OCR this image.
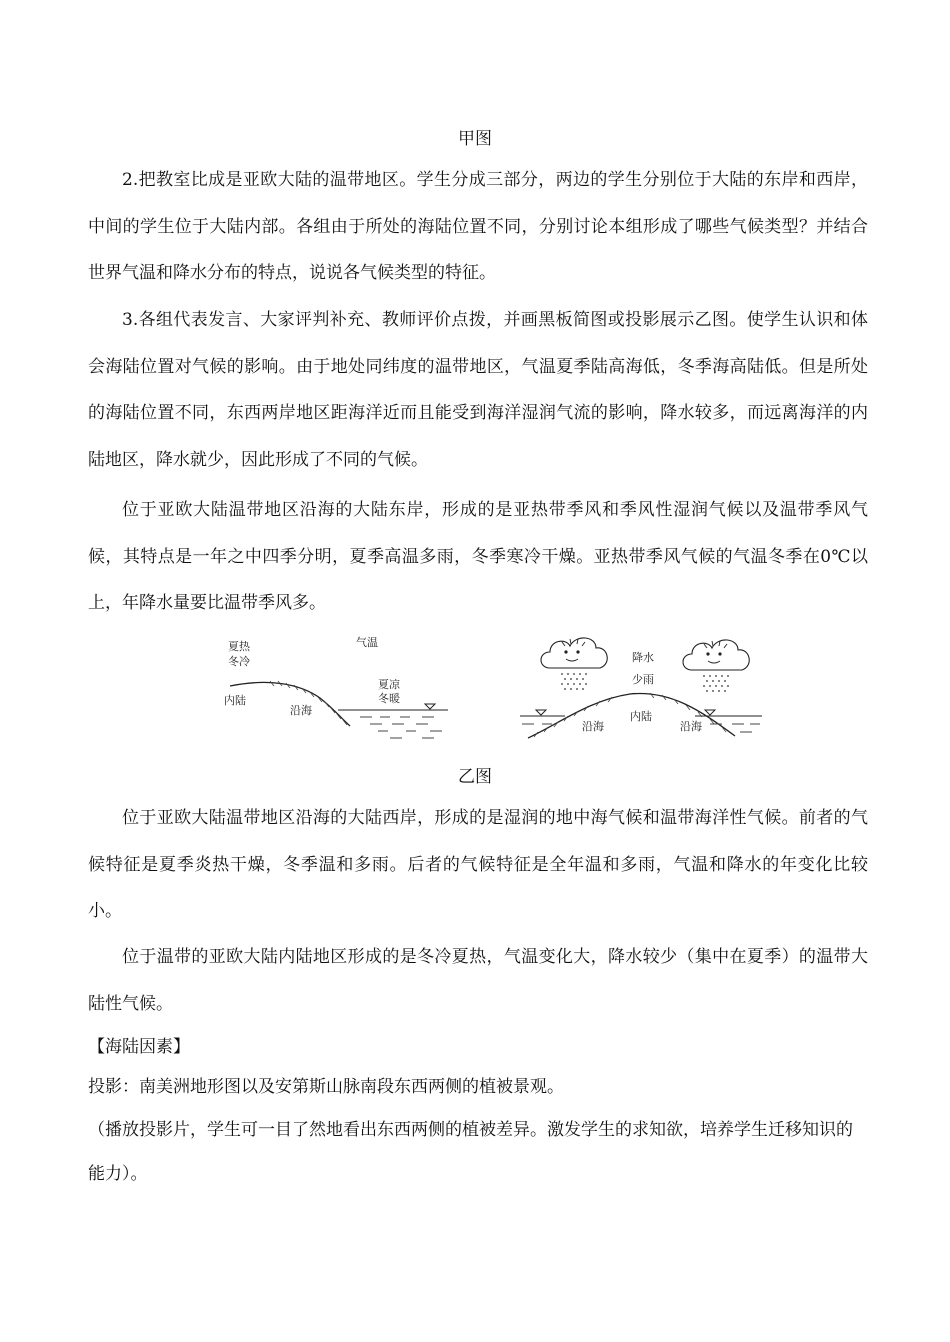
甲图

2.把教室比成是亚欧大陆的温带地区。学生分成三部分，两边的学生分别位于大陆的东岸和西岸，中间的学生位于大陆内部。各组由于所处的海陆位置不同，分别讨论本组形成了哪些气候类型？并结合世界气温和降水分布的特点，说说各气候类型的特征。

3.各组代表发言、大家评判补充、教师评价点拨，并画黑板简图或投影展示乙图。使学生认识和体会海陆位置对气候的影响。由于地处同纬度的温带地区，气温夏季陆高海低，冬季海高陆低。但是所处的海陆位置不同，东西两岸地区距海洋近而且能受到海洋湿润气流的影响，降水较多，而远离海洋的内陆地区，降水就少，因此形成了不同的气候。

位于亚欧大陆温带地区沿海的大陆东岸，形成的是亚热带季风和季风性湿润气候以及温带季风气候，其特点是一年之中四季分明，夏季高温多雨，冬季寒冷干燥。亚热带季风气候的气温冬季在0℃以上，年降水量要比温带季风多。

夏热
冬冷
气温
夏凉
冬暖
内陆
沿海
降水
少雨
内陆
沿海	沿海
乙图

位于亚欧大陆温带地区沿海的大陆西岸，形成的是湿润的地中海气候和温带海洋性气候。前者的气候特征是夏季炎热干燥，冬季温和多雨。后者的气候特征是全年温和多雨，气温和降水的年变化比较小。

位于温带的亚欧大陆内陆地区形成的是冬冷夏热，气温变化大，降水较少（集中在夏季）的温带大陆性气候。

【海陆因素】
投影：南美洲地形图以及安第斯山脉南段东西两侧的植被景观。

（播放投影片，学生可一目了然地看出东西两侧的植被差异。激发学生的求知欲，培养学生迁移知识的能力）。
